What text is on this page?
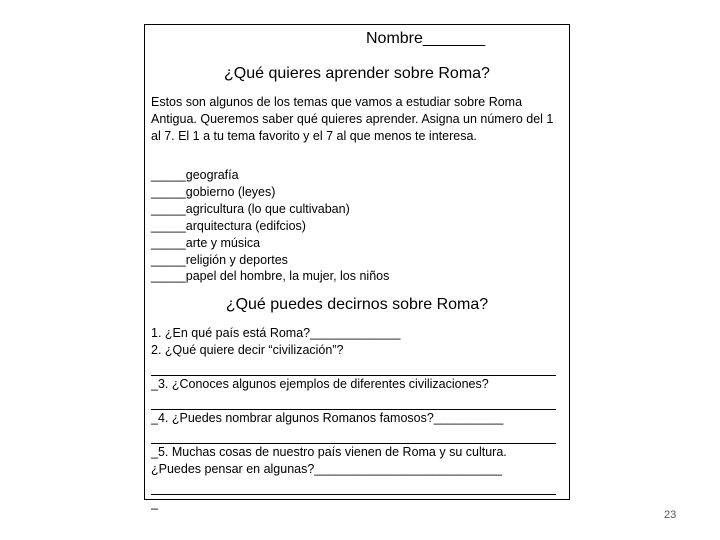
Nombre_______
¿Qué quieres aprender sobre Roma?

Estos son algunos de los temas que vamos a estudiar sobre Roma Antigua. Queremos saber qué quieres aprender. Asigna un número del 1 al 7. El 1 a tu tema favorito y el 7 al que menos te interesa.

_____geografía
_____gobierno (leyes)
_____agricultura (lo que cultivaban)
_____arquitectura (edifcios)
_____arte y música
_____religión y deportes
_____papel del hombre, la mujer, los niños
¿Qué puedes decirnos sobre Roma?
1. ¿En qué país está Roma?_____________
2. ¿Qué quiere decir “civilización”?
_3. ¿Conoces algunos ejemplos de diferentes civilizaciones?
_4. ¿Puedes nombrar algunos Romanos famosos?__________
_5. Muchas cosas de nuestro país vienen de Roma y su cultura.
¿Puedes pensar en algunas?___________________________
_
23
